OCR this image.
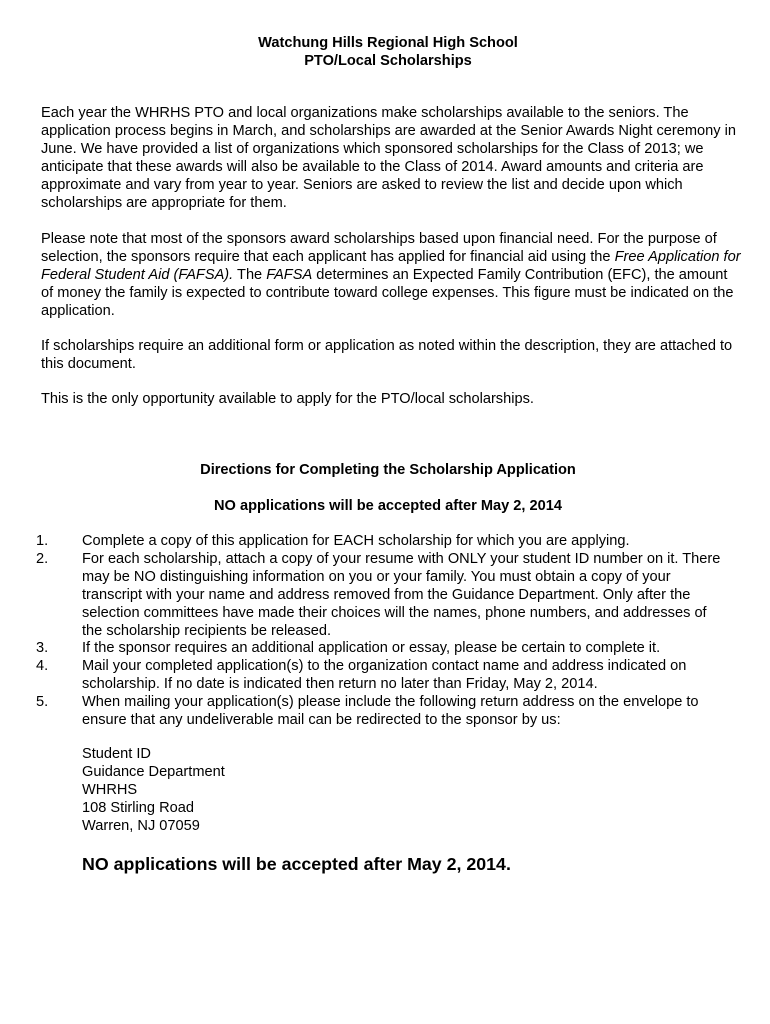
Watchung Hills Regional High School
PTO/Local Scholarships

Each year the WHRHS PTO and local organizations make scholarships available to the seniors. The application process begins in March, and scholarships are awarded at the Senior Awards Night ceremony in June. We have provided a list of organizations which sponsored scholarships for the Class of 2013; we anticipate that these awards will also be available to the Class of 2014. Award amounts and criteria are approximate and vary from year to year. Seniors are asked to review the list and decide upon which scholarships are appropriate for them.

Please note that most of the sponsors award scholarships based upon financial need. For the purpose of selection, the sponsors require that each applicant has applied for financial aid using the Free Application for Federal Student Aid (FAFSA). The FAFSA determines an Expected Family Contribution (EFC), the amount of money the family is expected to contribute toward college expenses. This figure must be indicated on the application.

If scholarships require an additional form or application as noted within the description, they are attached to this document.

This is the only opportunity available to apply for the PTO/local scholarships.

Directions for Completing the Scholarship Application

NO applications will be accepted after May 2, 2014

1. Complete a copy of this application for EACH scholarship for which you are applying.
2. For each scholarship, attach a copy of your resume with ONLY your student ID number on it. There may be NO distinguishing information on you or your family. You must obtain a copy of your transcript with your name and address removed from the Guidance Department. Only after the selection committees have made their choices will the names, phone numbers, and addresses of the scholarship recipients be released.
3. If the sponsor requires an additional application or essay, please be certain to complete it.
4. Mail your completed application(s) to the organization contact name and address indicated on scholarship. If no date is indicated then return no later than Friday, May 2, 2014.
5. When mailing your application(s) please include the following return address on the envelope to ensure that any undeliverable mail can be redirected to the sponsor by us:
Student ID
Guidance Department
WHRHS
108 Stirling Road
Warren, NJ 07059

NO applications will be accepted after May 2, 2014.
